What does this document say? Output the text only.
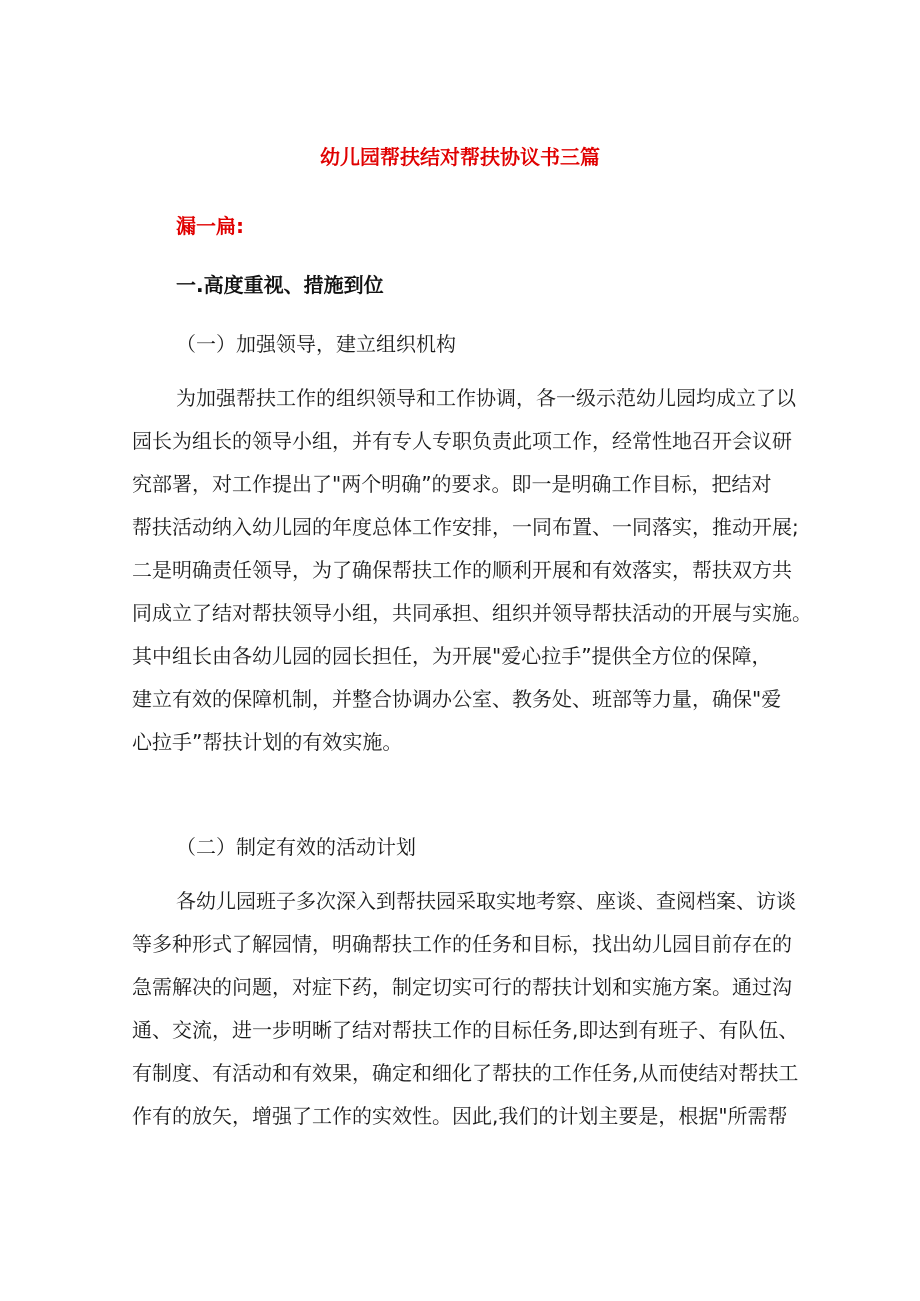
幼儿园帮扶结对帮扶协议书三篇
漏一扁:
一.高度重视、措施到位
（一）加强领导，建立组织机构
为加强帮扶工作的组织领导和工作协调，各一级示范幼儿园均成立了以
园长为组长的领导小组，并有专人专职负责此项工作，经常性地召开会议研
究部署，对工作提出了"两个明确”的要求。即一是明确工作目标，把结对
帮扶活动纳入幼儿园的年度总体工作安排，一同布置、一同落实，推动开展;
二是明确责任领导，为了确保帮扶工作的顺利开展和有效落实，帮扶双方共
同成立了结对帮扶领导小组，共同承担、组织并领导帮扶活动的开展与实施。
其中组长由各幼儿园的园长担任，为开展"爱心拉手”提供全方位的保障，
建立有效的保障机制，并整合协调办公室、教务处、班部等力量，确保"爱
心拉手”帮扶计划的有效实施。
（二）制定有效的活动计划
各幼儿园班子多次深入到帮扶园采取实地考察、座谈、查阅档案、访谈
等多种形式了解园情，明确帮扶工作的任务和目标，找出幼儿园目前存在的
急需解决的问题，对症下药，制定切实可行的帮扶计划和实施方案。通过沟
通、交流，进一步明晰了结对帮扶工作的目标任务,即达到有班子、有队伍、
有制度、有活动和有效果，确定和细化了帮扶的工作任务,从而使结对帮扶工
作有的放矢，增强了工作的实效性。因此,我们的计划主要是，根据"所需帮
